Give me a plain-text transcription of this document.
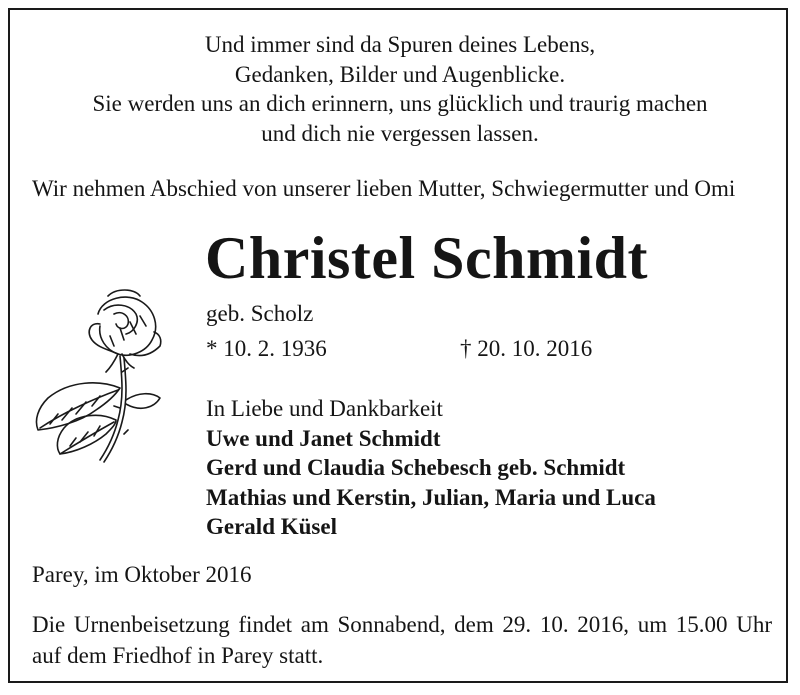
Und immer sind da Spuren deines Lebens,
Gedanken, Bilder und Augenblicke.
Sie werden uns an dich erinnern, uns glücklich und traurig machen
und dich nie vergessen lassen.
Wir nehmen Abschied von unserer lieben Mutter, Schwiegermutter und Omi
Christel Schmidt
geb. Scholz
* 10. 2. 1936	† 20. 10. 2016
In Liebe und Dankbarkeit
Uwe und Janet Schmidt
Gerd und Claudia Schebesch geb. Schmidt
Mathias und Kerstin, Julian, Maria und Luca
Gerald Küsel
Parey, im Oktober 2016
Die Urnenbeisetzung findet am Sonnabend, dem 29. 10. 2016, um 15.00 Uhr auf dem Friedhof in Parey statt.
